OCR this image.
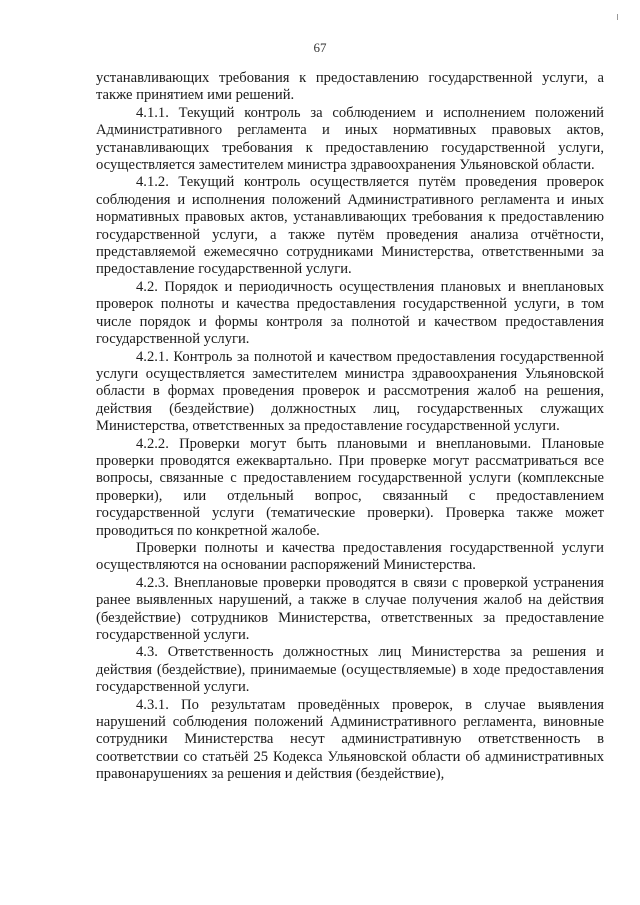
67

устанавливающих требования к предоставлению государственной услуги, а также принятием ими решений.

4.1.1. Текущий контроль за соблюдением и исполнением положений Административного регламента и иных нормативных правовых актов, устанавливающих требования к предоставлению государственной услуги, осуществляется заместителем министра здравоохранения Ульяновской области.

4.1.2. Текущий контроль осуществляется путём проведения проверок соблюдения и исполнения положений Административного регламента и иных нормативных правовых актов, устанавливающих требования к предоставлению государственной услуги, а также путём проведения анализа отчётности, представляемой ежемесячно сотрудниками Министерства, ответственными за предоставление государственной услуги.

4.2. Порядок и периодичность осуществления плановых и внеплановых проверок полноты и качества предоставления государственной услуги, в том числе порядок и формы контроля за полнотой и качеством предоставления государственной услуги.

4.2.1. Контроль за полнотой и качеством предоставления государственной услуги осуществляется заместителем министра здравоохранения Ульяновской области в формах проведения проверок и рассмотрения жалоб на решения, действия (бездействие) должностных лиц, государственных служащих Министерства, ответственных за предоставление государственной услуги.

4.2.2. Проверки могут быть плановыми и внеплановыми. Плановые проверки проводятся ежеквартально. При проверке могут рассматриваться все вопросы, связанные с предоставлением государственной услуги (комплексные проверки), или отдельный вопрос, связанный с предоставлением государственной услуги (тематические проверки). Проверка также может проводиться по конкретной жалобе.

Проверки полноты и качества предоставления государственной услуги осуществляются на основании распоряжений Министерства.

4.2.3. Внеплановые проверки проводятся в связи с проверкой устранения ранее выявленных нарушений, а также в случае получения жалоб на действия (бездействие) сотрудников Министерства, ответственных за предоставление государственной услуги.

4.3. Ответственность должностных лиц Министерства за решения и действия (бездействие), принимаемые (осуществляемые) в ходе предоставления государственной услуги.

4.3.1. По результатам проведённых проверок, в случае выявления нарушений соблюдения положений Административного регламента, виновные сотрудники Министерства несут административную ответственность в соответствии со статьёй 25 Кодекса Ульяновской области об административных правонарушениях за решения и действия (бездействие),
